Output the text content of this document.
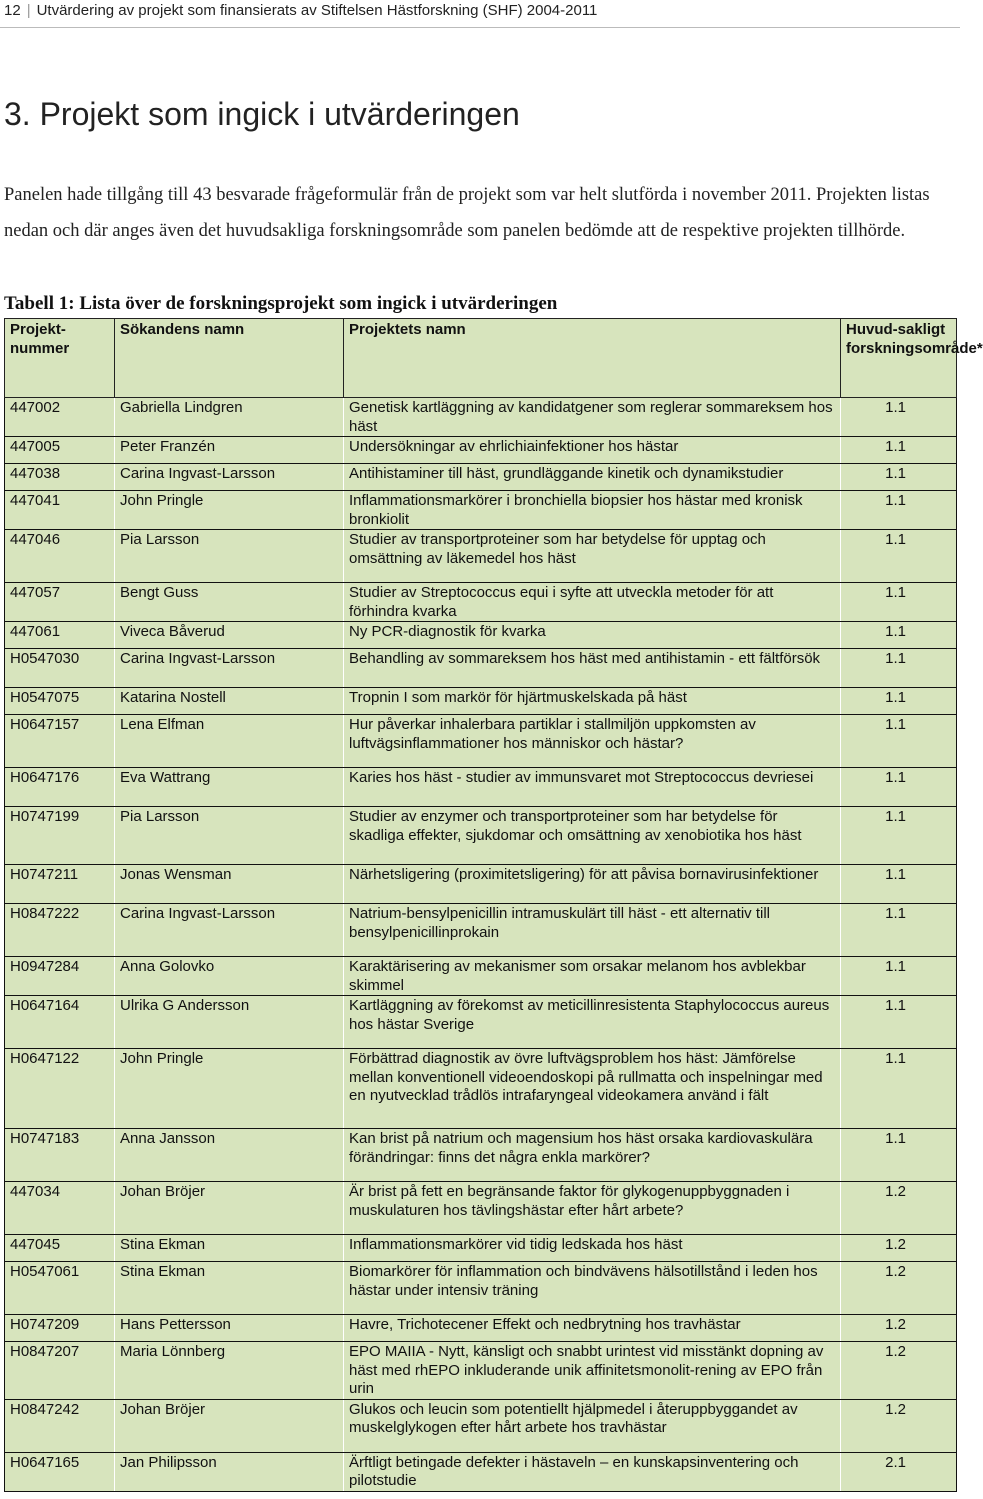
12 | Utvärdering av projekt som finansierats av Stiftelsen Hästforskning (SHF) 2004-2011
3. Projekt som ingick i utvärderingen

Panelen hade tillgång till 43 besvarade frågeformulär från de projekt som var helt slutförda i november 2011. Projekten listas nedan och där anges även det huvudsakliga forskningsområde som panelen bedömde att de respektive projekten tillhörde.

Tabell 1: Lista över de forskningsprojekt som ingick i utvärderingen

Projekt-nummer	Sökandens namn	Projektets namn	Huvud-sakligt forskningsområde*
447002	Gabriella Lindgren	Genetisk kartläggning av kandidatgener som reglerar sommareksem hos häst	1.1
447005	Peter Franzén	Undersökningar av ehrlichiainfektioner hos hästar	1.1
447038	Carina Ingvast-Larsson	Antihistaminer till häst, grundläggande kinetik och dynamikstudier	1.1
447041	John Pringle	Inflammationsmarkörer i bronchiella biopsier hos hästar med kronisk bronkiolit	1.1
447046	Pia Larsson	Studier av transportproteiner som har betydelse för upptag och omsättning av läkemedel hos häst	1.1
447057	Bengt Guss	Studier av Streptococcus equi i syfte att utveckla metoder för att förhindra kvarka	1.1
447061	Viveca Båverud	Ny PCR-diagnostik för kvarka	1.1
H0547030	Carina Ingvast-Larsson	Behandling av sommareksem hos häst med antihistamin - ett fältförsök	1.1
H0547075	Katarina Nostell	Tropnin I som markör för hjärtmuskelskada på häst	1.1
H0647157	Lena Elfman	Hur påverkar inhalerbara partiklar i stallmiljön uppkomsten av luftvägsinflammationer hos människor och hästar?	1.1
H0647176	Eva Wattrang	Karies hos häst - studier av immunsvaret mot Streptococcus devriesei	1.1
H0747199	Pia Larsson	Studier av enzymer och transportproteiner som har betydelse för skadliga effekter, sjukdomar och omsättning av xenobiotika hos häst	1.1
H0747211	Jonas Wensman	Närhetsligering (proximitetsligering) för att påvisa bornavirusinfektioner	1.1
H0847222	Carina Ingvast-Larsson	Natrium-bensylpenicillin intramuskulärt till häst - ett alternativ till bensylpenicillinprokain	1.1
H0947284	Anna Golovko	Karaktärisering av mekanismer som orsakar melanom hos avblekbar skimmel	1.1
H0647164	Ulrika G Andersson	Kartläggning av förekomst av meticillinresistenta Staphylococcus aureus hos hästar Sverige	1.1
H0647122	John Pringle	Förbättrad diagnostik av övre luftvägsproblem hos häst: Jämförelse mellan konventionell videoendoskopi på rullmatta och inspelningar med en nyutvecklad trådlös intrafaryngeal videokamera använd i fält	1.1
H0747183	Anna Jansson	Kan brist på natrium och magensium hos häst orsaka kardiovaskulära förändringar: finns det några enkla markörer?	1.1
447034	Johan Bröjer	Är brist på fett en begränsande faktor för glykogenuppbyggnaden i muskulaturen hos tävlingshästar efter hårt arbete?	1.2
447045	Stina Ekman	Inflammationsmarkörer vid tidig ledskada hos häst	1.2
H0547061	Stina Ekman	Biomarkörer för inflammation och bindvävens hälsotillstånd i leden hos hästar under intensiv träning	1.2
H0747209	Hans Pettersson	Havre, Trichotecener Effekt och nedbrytning hos travhästar	1.2
H0847207	Maria Lönnberg	EPO MAIIA - Nytt, känsligt och snabbt urintest vid misstänkt dopning av häst med rhEPO inkluderande unik affinitetsmonolit-rening av EPO från urin	1.2
H0847242	Johan Bröjer	Glukos och leucin som potentiellt hjälpmedel i återuppbyggandet av muskelglykogen efter hårt arbete hos travhästar	1.2
H0647165	Jan Philipsson	Ärftligt betingade defekter i hästaveln – en kunskapsinventering och pilotstudie	2.1
